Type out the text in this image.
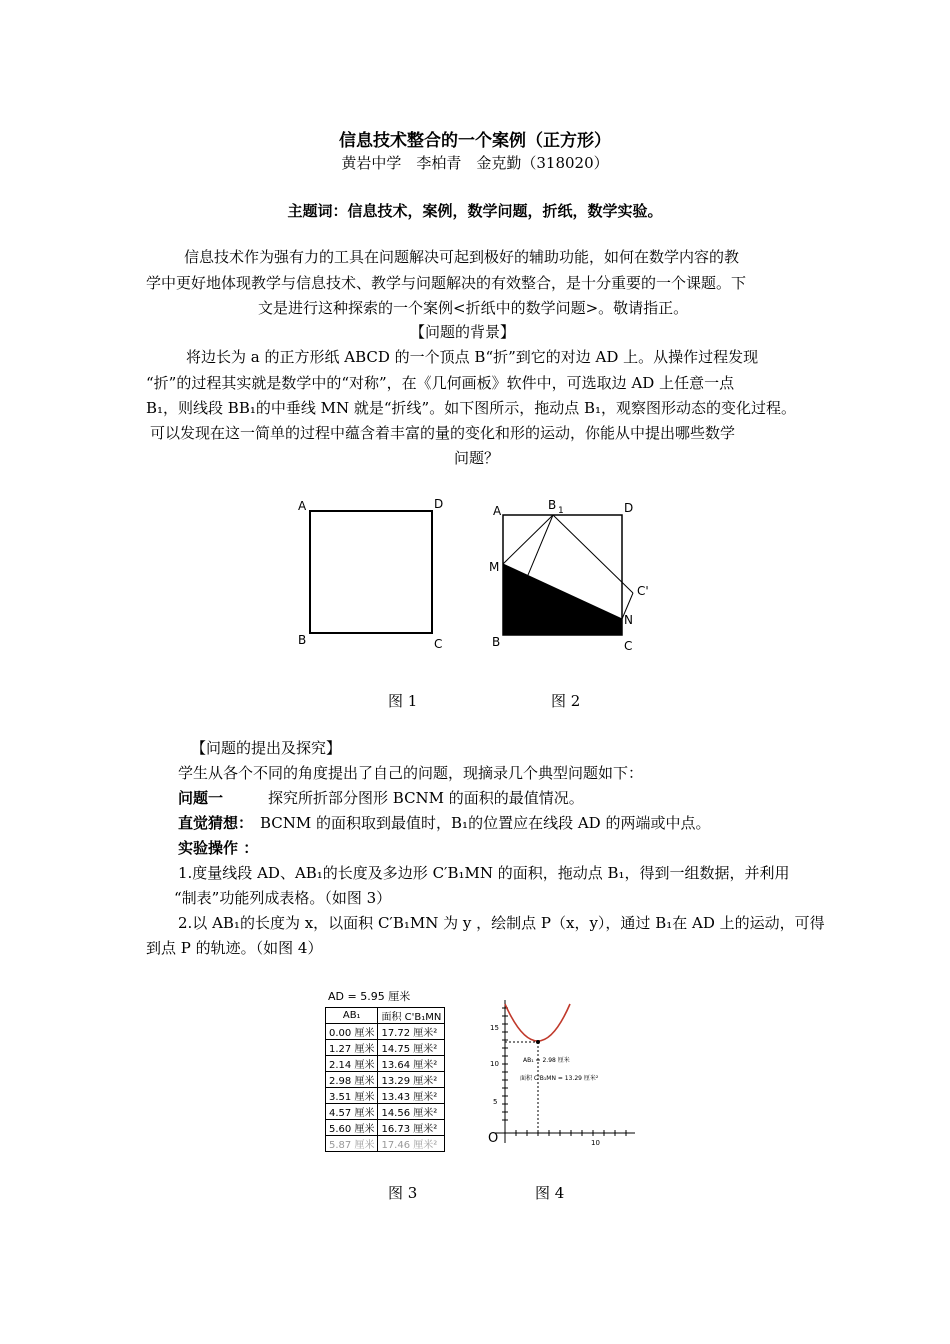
信息技术整合的一个案例（正方形）
黄岩中学　李柏青　金克勤（318020）
主题词：信息技术，案例，数学问题，折纸，数学实验。
信息技术作为强有力的工具在问题解决可起到极好的辅助功能，如何在数学内容的教
学中更好地体现教学与信息技术、教学与问题解决的有效整合，是十分重要的一个课题。下
文是进行这种探索的一个案例<折纸中的数学问题>。敬请指正。
【问题的背景】
将边长为 a 的正方形纸 ABCD 的一个顶点 B“折”到它的对边 AD 上。从操作过程发现
“折”的过程其实就是数学中的“对称”，在《几何画板》软件中，可选取边 AD 上任意一点
B₁，则线段 BB₁的中垂线 MN 就是“折线”。如下图所示，拖动点 B₁，观察图形动态的变化过程。
可以发现在这一简单的过程中蕴含着丰富的量的变化和形的运动，你能从中提出哪些数学
问题？
A	D
B	C
A	B 1	D
M
C'
N
B	C
图 1	图 2
【问题的提出及探究】
学生从各个不同的角度提出了自己的问题，现摘录几个典型问题如下：
问题一	探究所折部分图形 BCNM 的面积的最值情况。
直觉猜想： BCNM 的面积取到最值时，B₁的位置应在线段 AD 的两端或中点。
实验操作 ：
1.度量线段 AD、AB₁的长度及多边形 C′B₁MN 的面积，拖动点 B₁，得到一组数据，并利用
“制表”功能列成表格。（如图 3）
2.以 AB₁的长度为 x，以面积 C′B₁MN 为 y ，绘制点 P（x，y），通过 B₁在 AD 上的运动，可得
到点 P 的轨迹。（如图 4）
AD = 5.95 厘米
AB₁	面积 C'B₁MN
0.00 厘米	17.72 厘米²
1.27 厘米	14.75 厘米²
2.14 厘米	13.64 厘米²
2.98 厘米	13.29 厘米²
3.51 厘米	13.43 厘米²
4.57 厘米	14.56 厘米²
5.60 厘米	16.73 厘米²
5.87 厘米	17.46 厘米²
15
10
5
10
O
AB₁ = 2.98 厘米
面积 C'B₁MN = 13.29 厘米²
图 3	图 4
